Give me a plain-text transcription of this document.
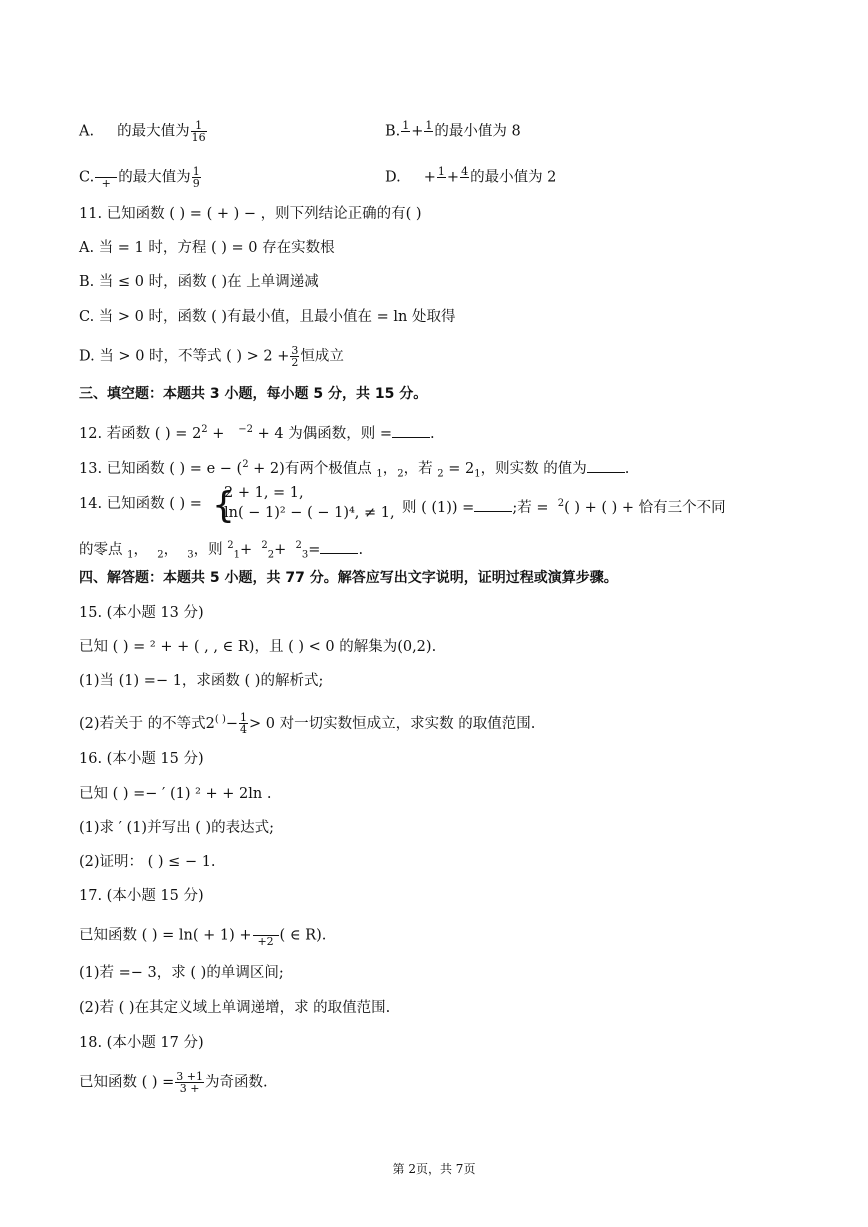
A. 的最大值为 $\frac{1}{16}$	B. 1
+ 1
的最小值为 8
C.
+ 的最大值为 $\frac{1}{9}$	D. + 1
+ 4
的最小值为 2
11. 已知函数 ( ) = ( + ) − ，则下列结论正确的有( )
A. 当 = 1 时，方程 ( ) = 0 存在实数根
B. 当 ≤ 0 时，函数 ( )在 上单调递减
C. 当 > 0 时，函数 ( )有最小值，且最小值在 = ln 处取得
D. 当 > 0 时，不等式 ( ) > $2 + \frac{3}{2}$ 恒成立
三、填空题：本题共 3 小题，每小题 5 分，共 15 分。
12. 若函数 ( ) = $2^2 + ^{-2} + 4$ 为偶函数，则 =	.
13. 已知函数 ( ) = e − ($^2$ + 2)有两个极值点 $_1$，$_2$，若 $_2 = 2_1$，则实数 的值为	.
14. 已知函数 ( ) = {
2 + 1, = 1,
ln( − 1)² − ( − 1)⁴, ≠ 1, 则 ( (1)) =	;若 = $^2$( ) + ( ) + 恰有三个不同
的零点 $_1$，  $_2$，  $_3$，则 $^2_1$+  $^2_2$+  $^2_3$=	.
四、解答题：本题共 5 小题，共 77 分。解答应写出文字说明，证明过程或演算步骤。
15. (本小题 13 分)
已知 ( ) = ² + + ( , , ∈ R)，且 ( ) < 0 的解集为(0,2).
(1)当 (1) =− 1，求函数 ( )的解析式;
(2)若关于 的不等式$2^{( )}- \frac{1}{4} > 0$ 对一切实数恒成立，求实数 的取值范围.
16. (本小题 15 分)
已知 ( ) =− ′ (1) ² + + 2ln .
(1)求 ′ (1)并写出 ( )的表达式;
(2)证明： ( ) ≤ − 1.
17. (本小题 15 分)
已知函数 ( ) = ln( + 1) +
+2 ( ∈ R).
(1)若 =− 3，求 ( )的单调区间;
(2)若 ( )在其定义域上单调递增，求 的取值范围.
18. (本小题 17 分)
已知函数 ( ) = $\frac{3 +1}{3 +}$ 为奇函数.
第 2页，共 7页
